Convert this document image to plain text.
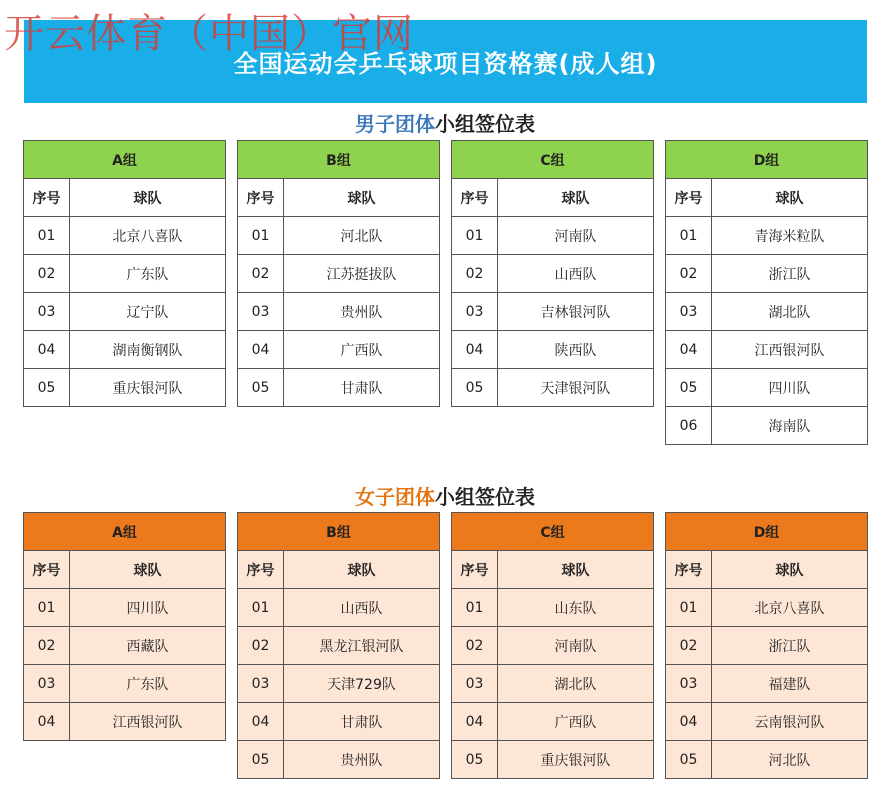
开云体育（中国）官网
全国运动会乒乓球项目资格赛(成人组)
男子团体小组签位表
A组	
序号	球队
01	北京八喜队
02	广东队
03	辽宁队
04	湖南衡钢队
05	重庆银河队
B组	
序号	球队
01	河北队
02	江苏挺拔队
03	贵州队
04	广西队
05	甘肃队
C组	
序号	球队
01	河南队
02	山西队
03	吉林银河队
04	陕西队
05	天津银河队
D组	
序号	球队
01	青海米粒队
02	浙江队
03	湖北队
04	江西银河队
05	四川队
06	海南队
女子团体小组签位表
A组	
序号	球队
01	四川队
02	西藏队
03	广东队
04	江西银河队
B组	
序号	球队
01	山西队
02	黑龙江银河队
03	天津729队
04	甘肃队
05	贵州队
C组	
序号	球队
01	山东队
02	河南队
03	湖北队
04	广西队
05	重庆银河队
D组	
序号	球队
01	北京八喜队
02	浙江队
03	福建队
04	云南银河队
05	河北队
